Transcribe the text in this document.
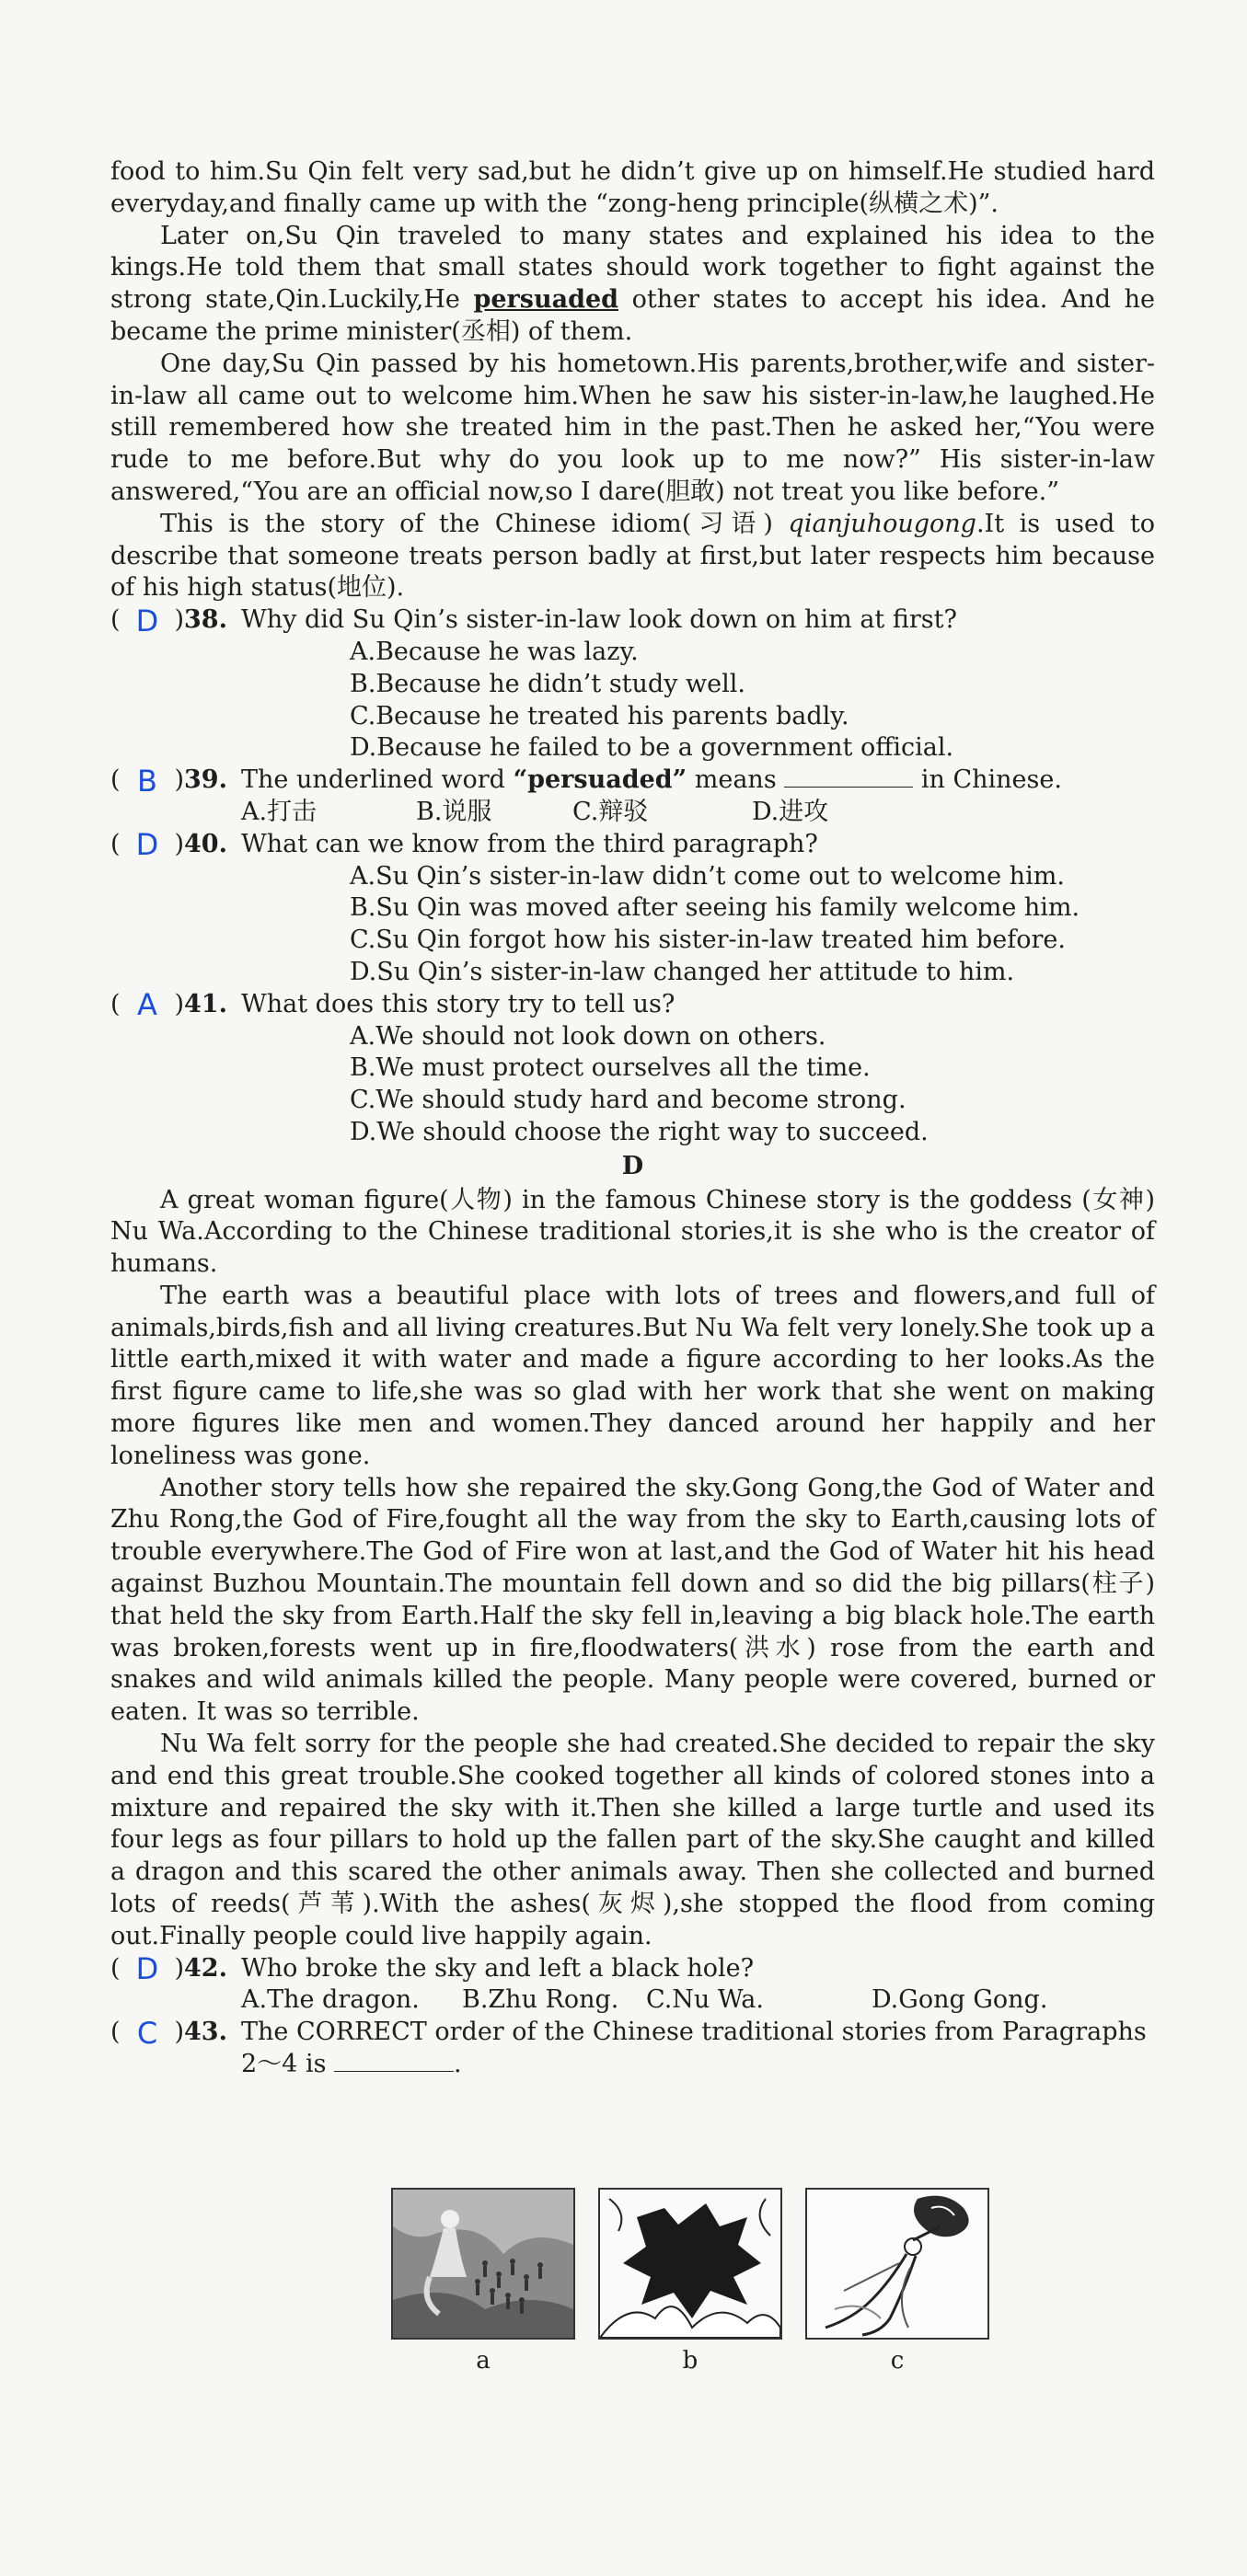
food to him.Su Qin felt very sad,but he didn’t give up on himself.He studied hard everyday,and finally came up with the “zong-heng principle(纵横之术)”.

Later on,Su Qin traveled to many states and explained his idea to the kings.He told them that small states should work together to fight against the strong state,Qin.Luckily,He persuaded other states to accept his idea. And he became the prime minister(丞相) of them.

One day,Su Qin passed by his hometown.His parents,brother,wife and sister-in-law all came out to welcome him.When he saw his sister-in-law,he laughed.He still remembered how she treated him in the past.Then he asked her,“You were rude to me before.But why do you look up to me now?” His sister-in-law answered,“You are an official now,so I dare(胆敢) not treat you like before.”

This is the story of the Chinese idiom(习语) qianjuhougong.It is used to describe that someone treats person badly at first,but later respects him because of his high status(地位).

( D ) 38. Why did Su Qin’s sister-in-law look down on him at first?

A.Because he was lazy.

B.Because he didn’t study well.

C.Because he treated his parents badly.

D.Because he failed to be a government official.

( B ) 39. The underlined word “persuaded” means	in Chinese.
A.打击	B.说服	C.辩驳	D.进攻
( D ) 40. What can we know from the third paragraph?

A.Su Qin’s sister-in-law didn’t come out to welcome him.

B.Su Qin was moved after seeing his family welcome him.

C.Su Qin forgot how his sister-in-law treated him before.

D.Su Qin’s sister-in-law changed her attitude to him.

( A ) 41. What does this story try to tell us?

A.We should not look down on others.

B.We must protect ourselves all the time.

C.We should study hard and become strong.

D.We should choose the right way to succeed.

D

A great woman figure(人物) in the famous Chinese story is the goddess (女神) Nu Wa.According to the Chinese traditional stories,it is she who is the creator of humans.

The earth was a beautiful place with lots of trees and flowers,and full of animals,birds,fish and all living creatures.But Nu Wa felt very lonely.She took up a little earth,mixed it with water and made a figure according to her looks.As the first figure came to life,she was so glad with her work that she went on making more figures like men and women.They danced around her happily and her loneliness was gone.

Another story tells how she repaired the sky.Gong Gong,the God of Water and Zhu Rong,the God of Fire,fought all the way from the sky to Earth,causing lots of trouble everywhere.The God of Fire won at last,and the God of Water hit his head against Buzhou Mountain.The mountain fell down and so did the big pillars(柱子) that held the sky from Earth.Half the sky fell in,leaving a big black hole.The earth was broken,forests went up in fire,floodwaters(洪水) rose from the earth and snakes and wild animals killed the people. Many people were covered, burned or eaten. It was so terrible.

Nu Wa felt sorry for the people she had created.She decided to repair the sky and end this great trouble.She cooked together all kinds of colored stones into a mixture and repaired the sky with it.Then she killed a large turtle and used its four legs as four pillars to hold up the fallen part of the sky.She caught and killed a dragon and this scared the other animals away. Then she collected and burned lots of reeds(芦苇).With the ashes(灰烬),she stopped the flood from coming out.Finally people could live happily again.

( D ) 42. Who broke the sky and left a black hole?
A.The dragon.	B.Zhu Rong.	C.Nu Wa.	D.Gong Gong.
( C ) 43. The CORRECT order of the Chinese traditional stories from Paragraphs 2～4 is	.
a	b	c
